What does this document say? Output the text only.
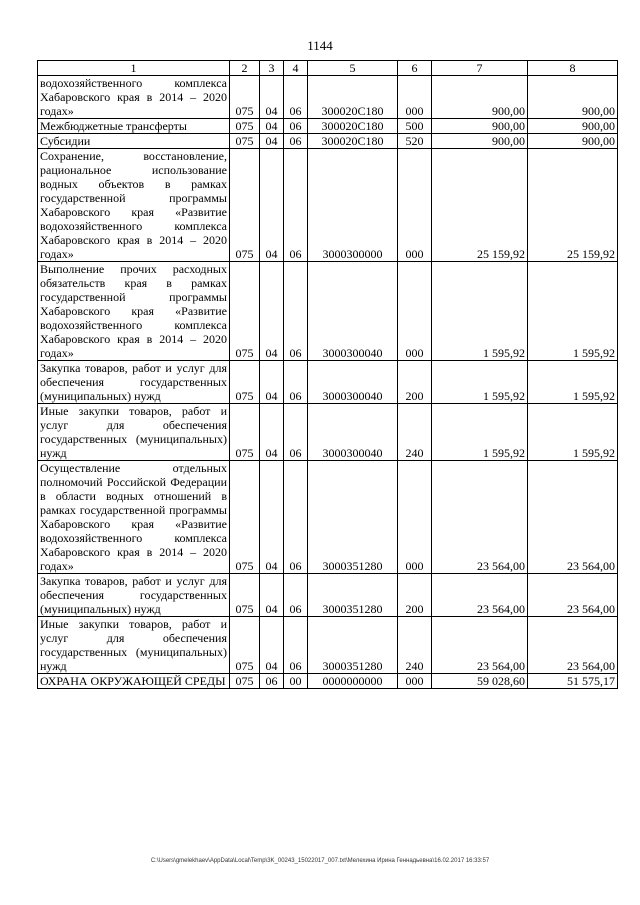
1144
1	2	3	4	5	6	7	8
водохозяйственного комплекса Хабаровского края в 2014 – 2020 годах»	075	04	06	300020С180	000	900,00	900,00
Межбюджетные трансферты	075	04	06	300020С180	500	900,00	900,00
Субсидии	075	04	06	300020С180	520	900,00	900,00
Сохранение, восстановление, рациональное использование водных объектов в рамках государственной программы Хабаровского края «Развитие водохозяйственного комплекса Хабаровского края в 2014 – 2020 годах»	075	04	06	3000300000	000	25 159,92	25 159,92
Выполнение прочих расходных обязательств края в рамках государственной программы Хабаровского края «Развитие водохозяйственного комплекса Хабаровского края в 2014 – 2020 годах»	075	04	06	3000300040	000	1 595,92	1 595,92
Закупка товаров, работ и услуг для обеспечения государственных (муниципальных) нужд	075	04	06	3000300040	200	1 595,92	1 595,92
Иные закупки товаров, работ и услуг для обеспечения государственных (муниципальных) нужд	075	04	06	3000300040	240	1 595,92	1 595,92
Осуществление отдельных полномочий Российской Федерации в области водных отношений в рамках государственной программы Хабаровского края «Развитие водохозяйственного комплекса Хабаровского края в 2014 – 2020 годах»	075	04	06	3000351280	000	23 564,00	23 564,00
Закупка товаров, работ и услуг для обеспечения государственных (муниципальных) нужд	075	04	06	3000351280	200	23 564,00	23 564,00
Иные закупки товаров, работ и услуг для обеспечения государственных (муниципальных) нужд	075	04	06	3000351280	240	23 564,00	23 564,00
ОХРАНА ОКРУЖАЮЩЕЙ СРЕДЫ	075	06	00	0000000000	000	59 028,60	51 575,17
C:\Users\gmelekhaev\AppData\Local\Temp\3K_00243_15022017_007.txt\Мелехина Ирина Геннадьевна\16.02.2017 16:33:57
